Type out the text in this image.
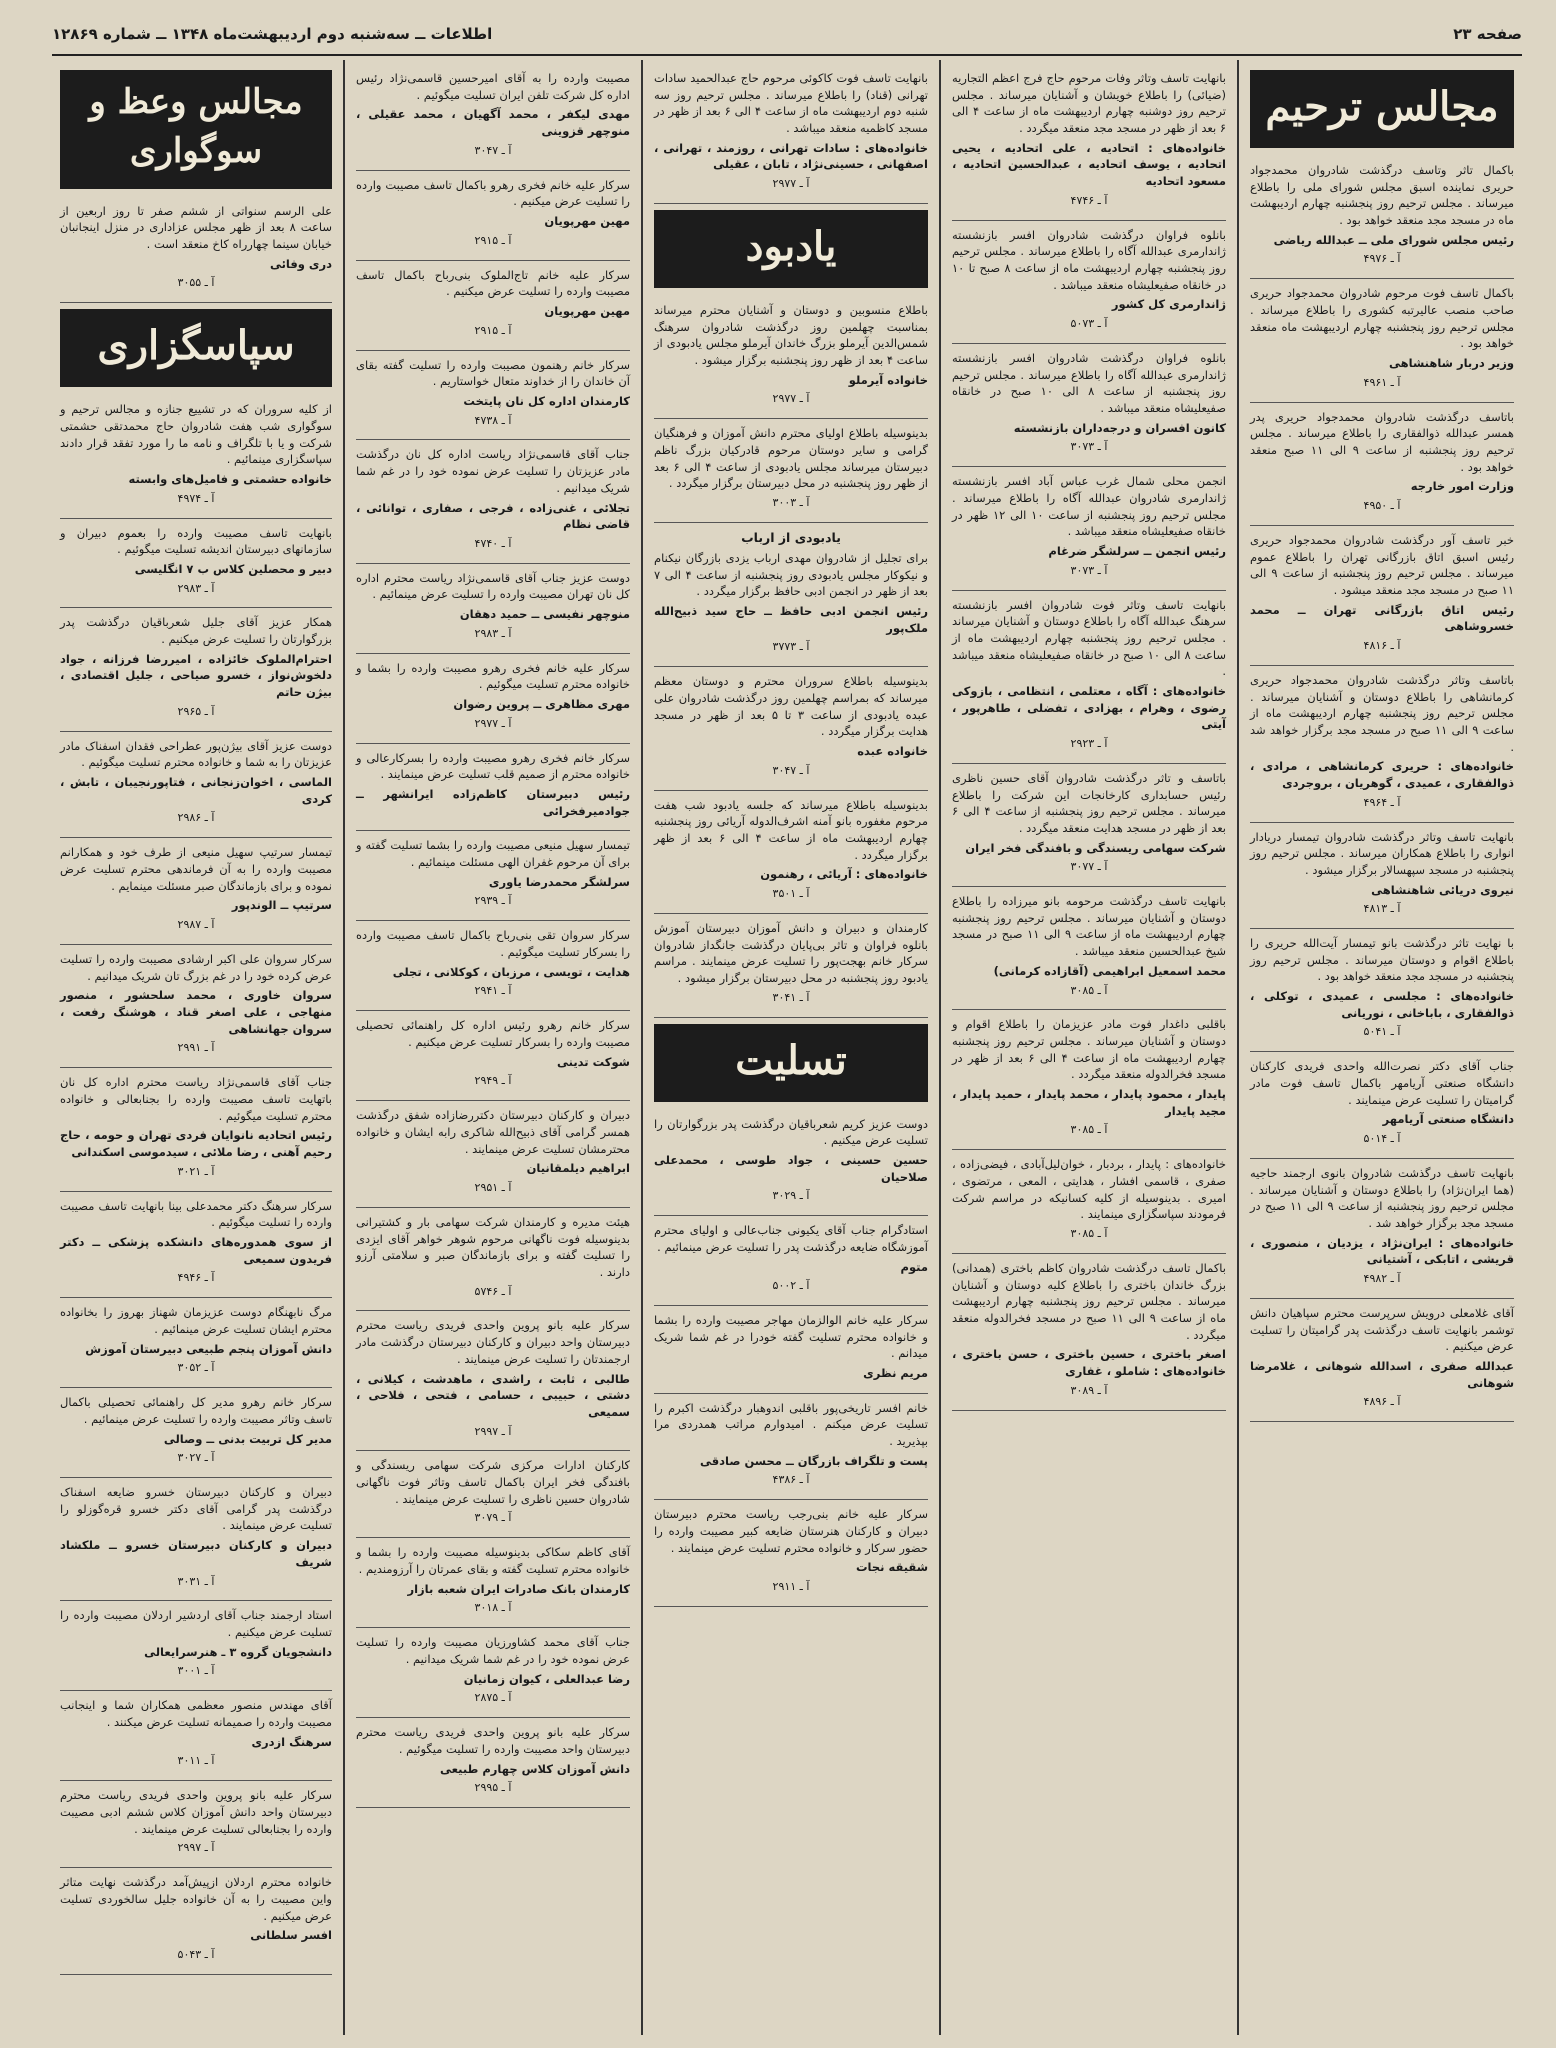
صفحه ۲۳
اطلاعات ــ سه‌شنبه دوم اردیبهشت‌ماه ۱۳۴۸ ــ شماره ۱۲۸۶۹
مجالس ترحیم

باکمال تاثر وتاسف درگذشت شادروان محمدجواد حریری نماینده اسبق مجلس شورای ملی را باطلاع میرساند . مجلس ترحیم روز پنجشنبه چهارم اردیبهشت ماه در مسجد مجد منعقد خواهد بود .

رئیس مجلس شورای ملی ــ عبدالله ریاضی

آ ـ ۴۹۷۶

باکمال تاسف فوت مرحوم شادروان محمدجواد حریری صاحب منصب عالیرتبه کشوری را باطلاع میرساند . مجلس ترحیم روز پنجشنبه چهارم اردیبهشت ماه منعقد خواهد بود .

وزیر دربار شاهنشاهی

آ ـ ۴۹۶۱

باتاسف درگذشت شادروان محمدجواد حریری پدر همسر عبدالله ذوالفقاری را باطلاع میرساند . مجلس ترحیم روز پنجشنبه از ساعت ۹ الی ۱۱ صبح منعقد خواهد بود .

وزارت امور خارجه

آ ـ ۴۹۵۰

خبر تاسف آور درگذشت شادروان محمدجواد حریری رئیس اسبق اتاق بازرگانی تهران را باطلاع عموم میرساند . مجلس ترحیم روز پنجشنبه از ساعت ۹ الی ۱۱ صبح در مسجد مجد منعقد میشود .

رئیس اتاق بازرگانی تهران ــ محمد خسروشاهی

آ ـ ۴۸۱۶

باتاسف وتاثر درگذشت شادروان محمدجواد حریری کرمانشاهی را باطلاع دوستان و آشنایان میرساند . مجلس ترحیم روز پنجشنبه چهارم اردیبهشت ماه از ساعت ۹ الی ۱۱ صبح در مسجد مجد برگزار خواهد شد .

خانواده‌های : حریری کرمانشاهی ، مرادی ، ذوالفقاری ، عمیدی ، گوهریان ، بروجردی

آ ـ ۴۹۶۴

بانهایت تاسف وتاثر درگذشت شادروان تیمسار دریادار انواری را باطلاع همکاران میرساند . مجلس ترحیم روز پنجشنبه در مسجد سپهسالار برگزار میشود .

نیروی دریائی شاهنشاهی

آ ـ ۴۸۱۳

با نهایت تاثر درگذشت بانو تیمسار آیت‌الله حریری را باطلاع اقوام و دوستان میرساند . مجلس ترحیم روز پنجشنبه در مسجد مجد منعقد خواهد بود .

خانواده‌های : مجلسی ، عمیدی ، توکلی ، ذوالفقاری ، باباخانی ، نوریانی

آ ـ ۵۰۴۱

جناب آقای دکتر نصرت‌الله واحدی فریدی کارکنان دانشگاه صنعتی آریامهر باکمال تاسف فوت مادر گرامیتان را تسلیت عرض مینمایند .

دانشگاه صنعتی آریامهر

آ ـ ۵۰۱۴

بانهایت تاسف درگذشت شادروان بانوی ارجمند حاجیه (هما ایران‌نژاد) را باطلاع دوستان و آشنایان میرساند . مجلس ترحیم روز پنجشنبه از ساعت ۹ الی ۱۱ صبح در مسجد مجد برگزار خواهد شد .

خانواده‌های : ایران‌نژاد ، یزدیان ، منصوری ، قریشی ، اتابکی ، آشتیانی

آ ـ ۴۹۸۲

آقای غلامعلی درویش سرپرست محترم سپاهیان دانش توشمر بانهایت تاسف درگذشت پدر گرامیتان را تسلیت عرض میکنیم .

عبدالله صفری ، اسدالله شوهانی ، غلامرضا شوهانی

آ ـ ۴۸۹۶

بانهایت تاسف وتاثر وفات مرحوم حاج فرج اعظم التجاریه (ضیائی) را باطلاع خویشان و آشنایان میرساند . مجلس ترحیم روز دوشنبه چهارم اردیبهشت ماه از ساعت ۴ الی ۶ بعد از ظهر در مسجد مجد منعقد میگردد .

خانواده‌های : اتحادیه ، علی اتحادیه ، یحیی اتحادیه ، یوسف اتحادیه ، عبدالحسین اتحادیه ، مسعود اتحادیه

آ ـ ۴۷۴۶

بانلوه فراوان درگذشت شادروان افسر بازنشسته ژاندارمری عبدالله آگاه را باطلاع میرساند . مجلس ترحیم روز پنجشنبه چهارم اردیبهشت ماه از ساعت ۸ صبح تا ۱۰ در خانقاه صفیعلیشاه منعقد میباشد .

ژاندارمری کل کشور

آ ـ ۵۰۷۳

بانلوه فراوان درگذشت شادروان افسر بازنشسته ژاندارمری عبدالله آگاه را باطلاع میرساند . مجلس ترحیم روز پنجشنبه از ساعت ۸ الی ۱۰ صبح در خانقاه صفیعلیشاه منعقد میباشد .

کانون افسران و درجه‌داران بازنشسته

آ ـ ۳۰۷۳

انجمن محلی شمال غرب عباس آباد افسر بازنشسته ژاندارمری شادروان عبدالله آگاه را باطلاع میرساند . مجلس ترحیم روز پنجشنبه از ساعت ۱۰ الی ۱۲ ظهر در خانقاه صفیعلیشاه منعقد میباشد .

رئیس انجمن ــ سرلشگر ضرغام

آ ـ ۳۰۷۳

بانهایت تاسف وتاثر فوت شادروان افسر بازنشسته سرهنگ عبدالله آگاه را باطلاع دوستان و آشنایان میرساند . مجلس ترحیم روز پنجشنبه چهارم اردیبهشت ماه از ساعت ۸ الی ۱۰ صبح در خانقاه صفیعلیشاه منعقد میباشد .

خانواده‌های : آگاه ، معتلمی ، انتظامی ، بازوکی رضوی ، وهرام ، بهزادی ، تفضلی ، طاهرپور ، آیتی

آ ـ ۲۹۲۳

باتاسف و تاثر درگذشت شادروان آقای حسین ناظری رئیس حسابداری کارخانجات این شرکت را باطلاع میرساند . مجلس ترحیم روز پنجشنبه از ساعت ۴ الی ۶ بعد از ظهر در مسجد هدایت منعقد میگردد .

شرکت سهامی ریسندگی و بافندگی فخر ایران

آ ـ ۳۰۷۷

بانهایت تاسف درگذشت مرحومه بانو میرزاده را باطلاع دوستان و آشنایان میرساند . مجلس ترحیم روز پنجشنبه چهارم اردیبهشت ماه از ساعت ۹ الی ۱۱ صبح در مسجد شیخ عبدالحسین منعقد میباشد .

محمد اسمعیل ابراهیمی (آقازاده کرمانی)

آ ـ ۳۰۸۵

باقلبی داغدار فوت مادر عزیزمان را باطلاع اقوام و دوستان و آشنایان میرساند . مجلس ترحیم روز پنجشنبه چهارم اردیبهشت ماه از ساعت ۴ الی ۶ بعد از ظهر در مسجد فخرالدوله منعقد میگردد .

پایدار ، محمود پایدار ، محمد پایدار ، حمید پایدار ، مجید پایدار

آ ـ ۳۰۸۵

خانواده‌های : پایدار ، بردبار ، خوان‌لیل‌آبادی ، فیضی‌زاده ، صفری ، قاسمی افشار ، هدایتی ، المعی ، مرتضوی ، امیری . بدینوسیله از کلیه کسانیکه در مراسم شرکت فرمودند سپاسگزاری مینمایند .

آ ـ ۳۰۸۵

باکمال تاسف درگذشت شادروان کاظم باختری (همدانی) بزرگ خاندان باختری را باطلاع کلیه دوستان و آشنایان میرساند . مجلس ترحیم روز پنجشنبه چهارم اردیبهشت ماه از ساعت ۹ الی ۱۱ صبح در مسجد فخرالدوله منعقد میگردد .

اصغر باختری ، حسین باختری ، حسن باختری ، خانواده‌های : شاملو ، غفاری

آ ـ ۳۰۸۹

بانهایت تاسف فوت کاکوئی مرحوم حاج عبدالحمید سادات تهرانی (قناد) را باطلاع میرساند . مجلس ترحیم روز سه شنبه دوم اردیبهشت ماه از ساعت ۴ الی ۶ بعد از ظهر در مسجد کاظمیه منعقد میباشد .

خانواده‌های : سادات تهرانی ، روزمند ، تهرانی ، اصفهانی ، حسینی‌نژاد ، تابان ، عقیلی

آ ـ ۲۹۷۷

یادبود

باطلاع منسوبین و دوستان و آشنایان محترم میرساند بمناسبت چهلمین روز درگذشت شادروان سرهنگ شمس‌الدین آیرملو بزرگ خاندان آیرملو مجلس یادبودی از ساعت ۴ بعد از ظهر روز پنجشنبه برگزار میشود .

خانواده آیرملو

آ ـ ۲۹۷۷

بدینوسیله باطلاع اولیای محترم دانش آموزان و فرهنگیان گرامی و سایر دوستان مرحوم قادرکیان بزرگ ناظم دبیرستان میرساند مجلس یادبودی از ساعت ۴ الی ۶ بعد از ظهر روز پنجشنبه در محل دبیرستان برگزار میگردد .

آ ـ ۳۰۰۳

یادبودی از ارباب

برای تجلیل از شادروان مهدی ارباب یزدی بازرگان نیکنام و نیکوکار مجلس یادبودی روز پنجشنبه از ساعت ۴ الی ۷ بعد از ظهر در انجمن ادبی حافظ برگزار میگردد .

رئیس انجمن ادبی حافظ ــ حاج سید ذبیح‌الله ملک‌پور

آ ـ ۳۷۷۳

بدینوسیله باطلاع سروران محترم و دوستان معظم میرساند که بمراسم چهلمین روز درگذشت شادروان علی عبده یادبودی از ساعت ۳ تا ۵ بعد از ظهر در مسجد هدایت برگزار میگردد .

خانواده عبده

آ ـ ۳۰۴۷

بدینوسیله باطلاع میرساند که جلسه یادبود شب هفت مرحوم مغفوره بانو آمنه اشرف‌الدوله آریائی روز پنجشنبه چهارم اردیبهشت ماه از ساعت ۴ الی ۶ بعد از ظهر برگزار میگردد .

خانواده‌های : آریائی ، رهنمون

آ ـ ۳۵۰۱

کارمندان و دبیران و دانش آموزان دبیرستان آموزش بانلوه فراوان و تاثر بی‌پایان درگذشت جانگداز شادروان سرکار خانم بهجت‌پور را تسلیت عرض مینمایند . مراسم یادبود روز پنجشنبه در محل دبیرستان برگزار میشود .

آ ـ ۳۰۴۱

تسلیت

دوست عزیز کریم شعرباقیان درگذشت پدر بزرگوارتان را تسلیت عرض میکنیم .

حسین حسینی ، جواد طوسی ، محمدعلی صلاحیان

آ ـ ۳۰۲۹

استادگرام جناب آقای یکیونی جناب‌عالی و اولیای محترم آموزشگاه ضایعه درگذشت پدر را تسلیت عرض مینمائیم .

متوم

آ ـ ۵۰۰۲

سرکار علیه خانم الوالزمان مهاجر مصیبت وارده را بشما و خانواده محترم تسلیت گفته خودرا در غم شما شریک میدانم .

مریم نظری

خانم افسر تاریخی‌پور باقلبی اندوهبار درگذشت اکبرم را تسلیت عرض میکنم . امیدوارم مراتب همدردی مرا بپذیرید .

پست و تلگراف بازرگان ــ محسن صادقی

آ ـ ۴۳۸۶

سرکار علیه خانم بنی‌رجب ریاست محترم دبیرستان دبیران و کارکنان هنرستان ضایعه کبیر مصیبت وارده را حضور سرکار و خانواده محترم تسلیت عرض مینمایند .

شقیقه نجات

آ ـ ۲۹۱۱

مصیبت وارده را به آقای امیرحسین قاسمی‌نژاد رئیس اداره کل شرکت تلفن ایران تسلیت میگوئیم .

مهدی لیکفر ، محمد آگهیان ، محمد عقیلی ، منوچهر قزوینی

آ ـ ۳۰۴۷

سرکار علیه خانم فخری رهرو باکمال تاسف مصیبت وارده را تسلیت عرض میکنیم .

مهین مهرپویان

آ ـ ۲۹۱۵

سرکار علیه خانم تاج‌الملوک بنی‌رباح باکمال تاسف مصیبت وارده را تسلیت عرض میکنیم .

مهین مهرپویان

آ ـ ۲۹۱۵

سرکار خانم رهنمون مصیبت وارده را تسلیت گفته بقای آن خاندان را از خداوند متعال خواستاریم .

کارمندان اداره کل نان پایتخت

آ ـ ۴۷۳۸

جناب آقای قاسمی‌نژاد ریاست اداره کل نان درگذشت مادر عزیزتان را تسلیت عرض نموده خود را در غم شما شریک میدانیم .

تجلائی ، غنی‌زاده ، فرجی ، صفاری ، توانائی ، قاضی نظام

آ ـ ۴۷۴۰

دوست عزیز جناب آقای قاسمی‌نژاد ریاست محترم اداره کل نان تهران مصیبت وارده را تسلیت عرض مینمائیم .

منوچهر نفیسی ــ حمید دهقان

آ ـ ۲۹۸۳

سرکار علیه خانم فخری رهرو مصیبت وارده را بشما و خانواده محترم تسلیت میگوئیم .

مهری مظاهری ــ پروین رضوان

آ ـ ۲۹۷۷

سرکار خانم فخری رهرو مصیبت وارده را بسرکارعالی و خانواده محترم از صمیم قلب تسلیت عرض مینمایند .

رئیس دبیرستان کاظم‌زاده ایرانشهر ــ جوادمیرفخرائی

تیمسار سهیل منیعی مصیبت وارده را بشما تسلیت گفته و برای آن مرحوم غفران الهی مسئلت مینمائیم .

سرلشگر محمدرضا یاوری

آ ـ ۲۹۳۹

سرکار سروان تقی بنی‌رباح باکمال تاسف مصیبت وارده را بسرکار تسلیت میگوئیم .

هدایت ، تویسی ، مرزبان ، کوکلانی ، تجلی

آ ـ ۲۹۴۱

سرکار خانم رهرو رئیس اداره کل راهنمائی تحصیلی مصیبت وارده را بسرکار تسلیت عرض میکنیم .

شوکت تدینی

آ ـ ۲۹۴۹

دبیران و کارکنان دبیرستان دکتررضازاده شفق درگذشت همسر گرامی آقای ذبیح‌الله شاکری رابه ایشان و خانواده محترمشان تسلیت عرض مینمایند .

ابراهیم دیلمقانیان

آ ـ ۲۹۵۱

هیئت مدیره و کارمندان شرکت سهامی بار و کشتیرانی بدینوسیله فوت ناگهانی مرحوم شوهر خواهر آقای ایزدی را تسلیت گفته و برای بازماندگان صبر و سلامتی آرزو دارند .

آ ـ ۵۷۴۶

سرکار علیه بانو پروین واحدی فریدی ریاست محترم دبیرستان واحد دبیران و کارکنان دبیرستان درگذشت مادر ارجمندتان را تسلیت عرض مینمایند .

طالبی ، ثابت ، راشدی ، ماهدشت ، کیلانی ، دشتی ، حبیبی ، حسامی ، فتحی ، فلاحی ، سمیعی

آ ـ ۲۹۹۷

کارکنان ادارات مرکزی شرکت سهامی ریسندگی و بافندگی فخر ایران باکمال تاسف وتاثر فوت ناگهانی شادروان حسین ناظری را تسلیت عرض مینمایند .

آ ـ ۳۰۷۹

آقای کاظم سکاکی بدینوسیله مصیبت وارده را بشما و خانواده محترم تسلیت گفته و بقای عمرتان را آرزومندیم .

کارمندان بانک صادرات ایران شعبه بازار

آ ـ ۳۰۱۸

جناب آقای محمد کشاورزیان مصیبت وارده را تسلیت عرض نموده خود را در غم شما شریک میدانیم .

رضا عبدالعلی ، کیوان زمانیان

آ ـ ۲۸۷۵

سرکار علیه بانو پروین واحدی فریدی ریاست محترم دبیرستان واحد مصیبت وارده را تسلیت میگوئیم .

دانش آموزان کلاس چهارم طبیعی

آ ـ ۲۹۹۵

مجالس وعظ و سوگواری

علی الرسم سنواتی از ششم صفر تا روز اربعین از ساعت ۸ بعد از ظهر مجلس عزاداری در منزل اینجانبان خیابان سینما چهارراه کاخ منعقد است .

دری وفائی

آ ـ ۳۰۵۵

سپاسگزاری

از کلیه سروران که در تشییع جنازه و مجالس ترحیم و سوگواری شب هفت شادروان حاج محمدتقی حشمتی شرکت و یا با تلگراف و نامه ما را مورد تفقد قرار دادند سپاسگزاری مینمائیم .

خانواده حشمتی و فامیل‌های وابسته

آ ـ ۴۹۷۴

بانهایت تاسف مصیبت وارده را بعموم دبیران و سازمانهای دبیرستان اندیشه تسلیت میگوئیم .

دبیر و محصلین کلاس ب ۷ انگلیسی

آ ـ ۲۹۸۳

همکار عزیز آقای جلیل شعرباقیان درگذشت پدر بزرگوارتان را تسلیت عرض میکنیم .

احترام‌الملوک خائزاده ، امیررضا فرزانه ، جواد دلخوش‌نواز ، خسرو صیاحی ، جلیل اقتصادی ، بیژن حاتم

آ ـ ۲۹۶۵

دوست عزیز آقای بیژن‌پور عطراحی فقدان اسفناک مادر عزیزتان را به شما و خانواده محترم تسلیت میگوئیم .

الماسی ، اخوان‌زنجانی ، فتاپورنجیبان ، تابش ، کردی

آ ـ ۲۹۸۶

تیمسار سرتیپ سهیل منیعی از طرف خود و همکارانم مصیبت وارده را به آن فرماندهی محترم تسلیت عرض نموده و برای بازماندگان صبر مسئلت مینمایم .

سرتیپ ــ الوندپور

آ ـ ۲۹۸۷

سرکار سروان علی اکبر ارشادی مصیبت وارده را تسلیت عرض کرده خود را در غم بزرگ تان شریک میدانیم .

سروان خاوری ، محمد سلحشور ، منصور منهاجی ، علی اصغر قناد ، هوشنگ رفعت ، سروان جهانشاهی

آ ـ ۲۹۹۱

جناب آقای قاسمی‌نژاد ریاست محترم اداره کل نان باتهایت تاسف مصیبت وارده را بجنابعالی و خانواده محترم تسلیت میگوئیم .

رئیس اتحادیه نانوایان فردی تهران و حومه ، حاج رحیم آهنی ، رضا ملائی ، سیدموسی اسکندانی

آ ـ ۳۰۲۱

سرکار سرهنگ دکتر محمدعلی بینا بانهایت تاسف مصیبت وارده را تسلیت میگوئیم .

از سوی همدوره‌های دانشکده پزشکی ــ دکتر فریدون سمیعی

آ ـ ۴۹۴۶

مرگ نابهنگام دوست عزیزمان شهناز بهروز را بخانواده محترم ایشان تسلیت عرض مینمائیم .

دانش آموزان پنجم طبیعی دبیرستان آموزش

آ ـ ۳۰۵۲

سرکار خانم رهرو مدیر کل راهنمائی تحصیلی باکمال تاسف وتاثر مصیبت وارده را تسلیت عرض مینمائیم .

مدیر کل تربیت بدنی ــ وصالی

آ ـ ۳۰۲۷

دبیران و کارکنان دبیرستان خسرو ضایعه اسفناک درگذشت پدر گرامی آقای دکتر خسرو قره‌گوزلو را تسلیت عرض مینمایند .

دبیران و کارکنان دبیرستان خسرو ــ ملکشاد شریف

آ ـ ۳۰۳۱

استاد ارجمند جناب آقای اردشیر اردلان مصیبت وارده را تسلیت عرض میکنیم .

دانشجویان گروه ۳ ـ هنرسرایعالی

آ ـ ۳۰۰۱

آقای مهندس منصور معظمی همکاران شما و اینجانب مصیبت وارده را صمیمانه تسلیت عرض میکنند .

سرهنگ ازدری

آ ـ ۳۰۱۱

سرکار علیه بانو پروین واحدی فریدی ریاست محترم دبیرستان واحد دانش آموزان کلاس ششم ادبی مصیبت وارده را بجنابعالی تسلیت عرض مینمایند .

آ ـ ۲۹۹۷

خانواده محترم اردلان ازپیش‌آمد درگذشت نهایت متاثر واین مصیبت را به آن خانواده جلیل سالخوردی تسلیت عرض میکنیم .

افسر سلطانی

آ ـ ۵۰۴۳
